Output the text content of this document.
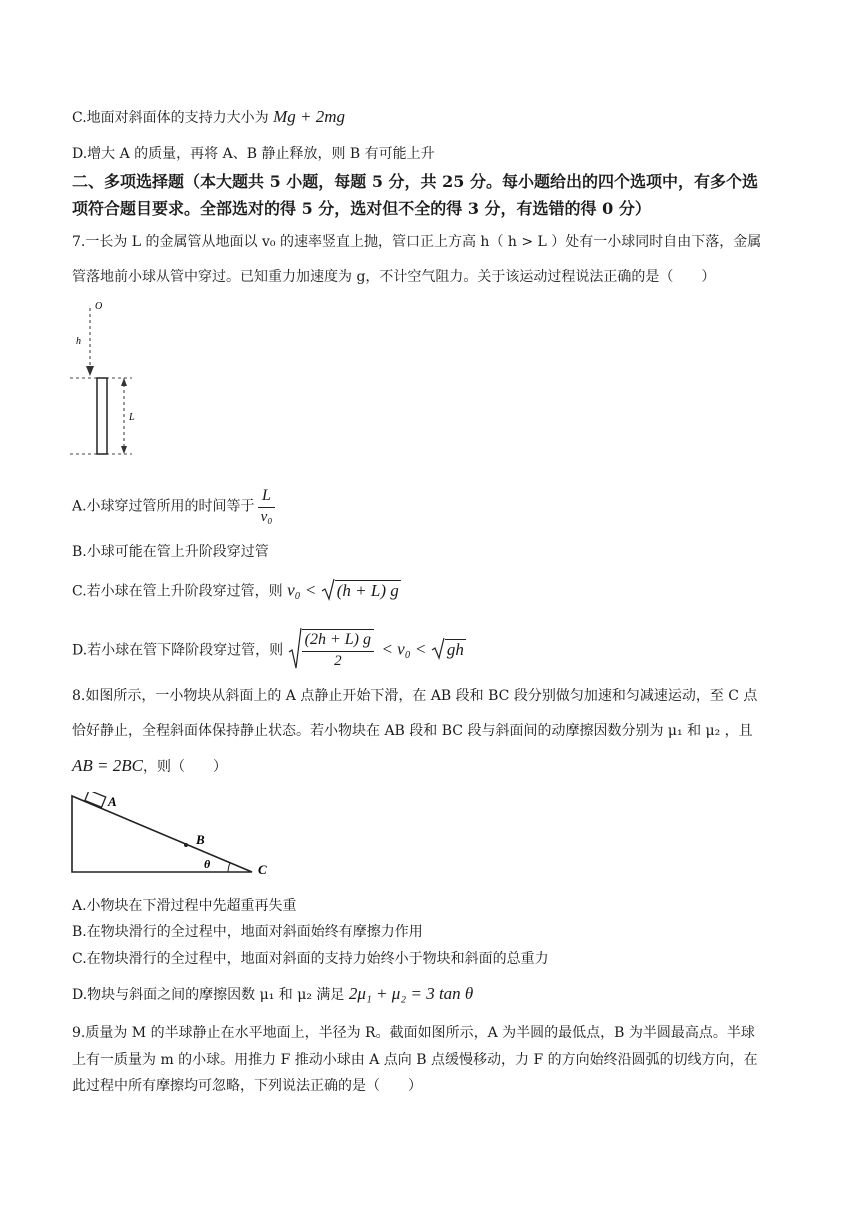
C.地面对斜面体的支持力大小为 Mg + 2mg
D.增大 A 的质量，再将 A、B 静止释放，则 B 有可能上升
二、多项选择题（本大题共 5 小题，每题 5 分，共 25 分。每小题给出的四个选项中，有多个选
项符合题目要求。全部选对的得 5 分，选对但不全的得 3 分，有选错的得 0 分）
7.一长为 L 的金属管从地面以 v₀ 的速率竖直上抛，管口正上方高 h（ h > L ）处有一小球同时自由下落，金属
管落地前小球从管中穿过。已知重力加速度为 g，不计空气阻力。关于该运动过程说法正确的是（　　）
O
h
L
A.小球穿过管所用的时间等于 $\frac{L}{\text{v₀}}$
B.小球可能在管上升阶段穿过管
C.若小球在管上升阶段穿过管，则 v₀ < (h + L) g
D.若小球在管下降阶段穿过管，则 $\frac{(2h + L) g}{2} < v_0$ < gh
8.如图所示，一小物块从斜面上的 A 点静止开始下滑，在 AB 段和 BC 段分别做匀加速和匀减速运动，至 C 点
恰好静止，全程斜面体保持静止状态。若小物块在 AB 段和 BC 段与斜面间的动摩擦因数分别为 μ₁ 和 μ₂ ，且
AB = 2BC，则（　　）
A
B
C
θ
A.小物块在下滑过程中先超重再失重
B.在物块滑行的全过程中，地面对斜面始终有摩擦力作用
C.在物块滑行的全过程中，地面对斜面的支持力始终小于物块和斜面的总重力
D.物块与斜面之间的摩擦因数 μ₁ 和 μ₂ 满足 2μ₁ + μ₂ = 3 tan θ
9.质量为 M 的半球静止在水平地面上，半径为 R。截面如图所示，A 为半圆的最低点，B 为半圆最高点。半球
上有一质量为 m 的小球。用推力 F 推动小球由 A 点向 B 点缓慢移动，力 F 的方向始终沿圆弧的切线方向，在
此过程中所有摩擦均可忽略，下列说法正确的是（　　）
